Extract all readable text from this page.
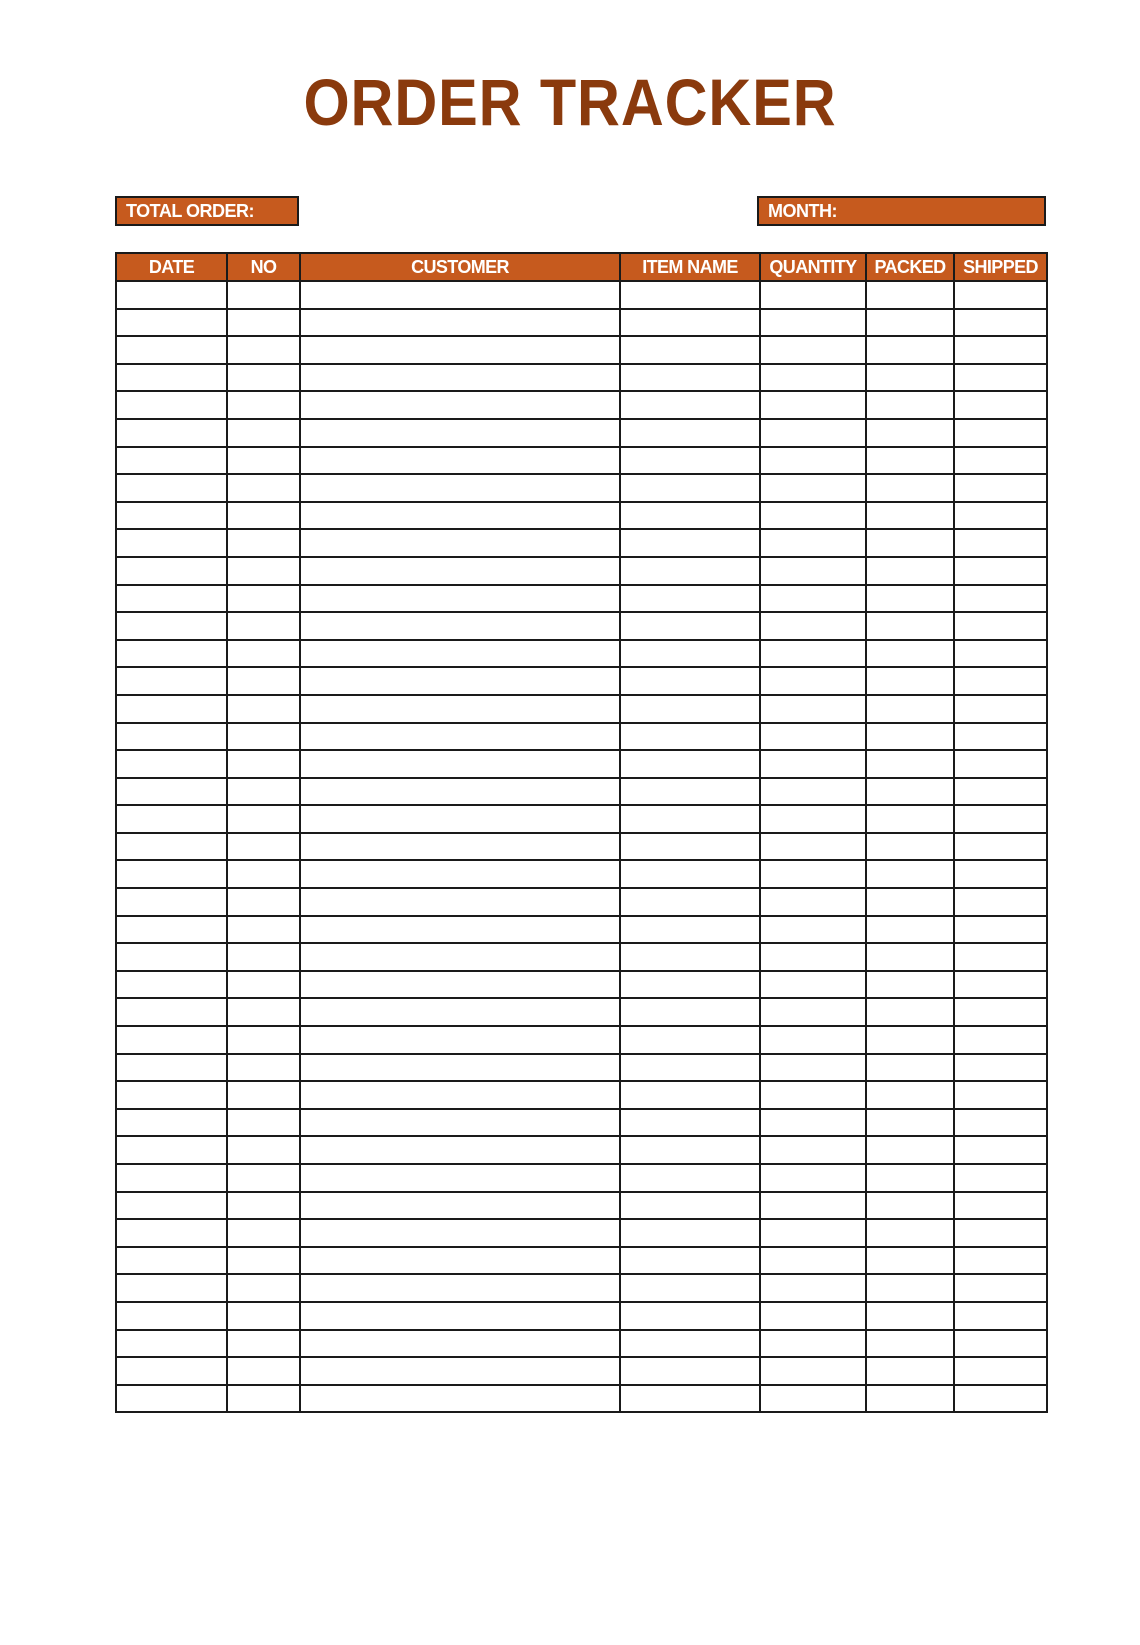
ORDER TRACKER
TOTAL ORDER:	MONTH:
DATE	NO	CUSTOMER	ITEM NAME	QUANTITY	PACKED	SHIPPED
